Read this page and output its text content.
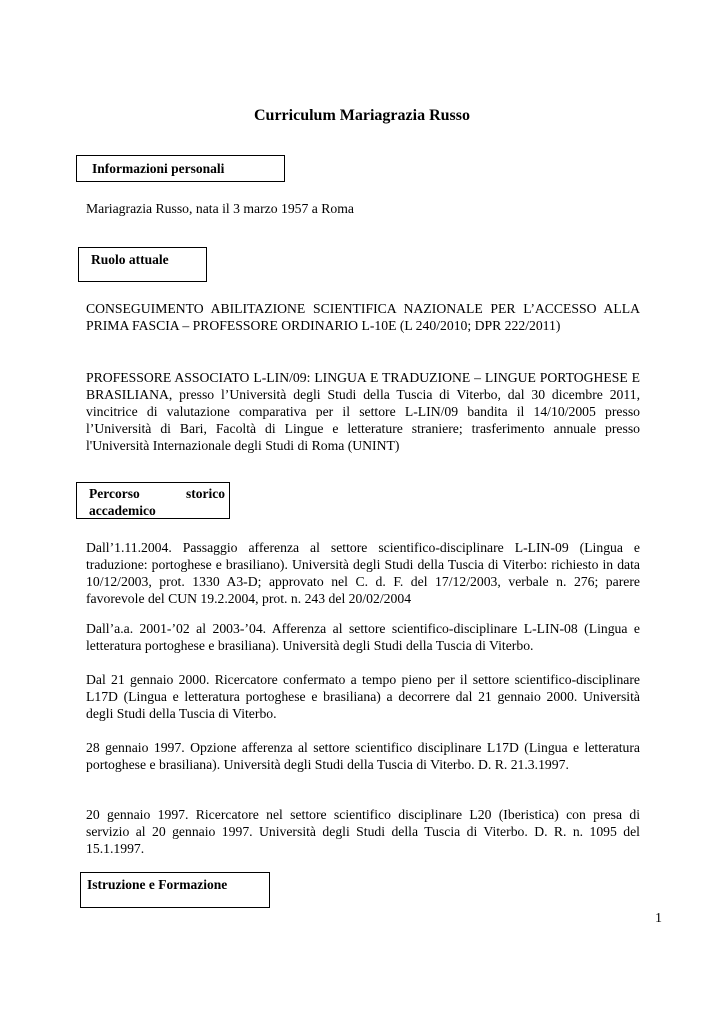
Curriculum Mariagrazia Russo
Informazioni personali
Mariagrazia Russo, nata il 3 marzo 1957 a Roma
Ruolo attuale
CONSEGUIMENTO ABILITAZIONE SCIENTIFICA NAZIONALE PER L’ACCESSO ALLA PRIMA FASCIA – PROFESSORE ORDINARIO L-10E (L 240/2010; DPR 222/2011)
PROFESSORE ASSOCIATO L-LIN/09: LINGUA E TRADUZIONE – LINGUE PORTOGHESE E BRASILIANA, presso l’Università degli Studi della Tuscia di Viterbo, dal 30 dicembre 2011, vincitrice di valutazione comparativa per il settore L-LIN/09 bandita il 14/10/2005 presso l’Università di Bari, Facoltà di Lingue e letterature straniere; trasferimento annuale presso l'Università Internazionale degli Studi di Roma (UNINT)
Percorso storico accademico
Dall’1.11.2004. Passaggio afferenza al settore scientifico-disciplinare L-LIN-09 (Lingua e traduzione: portoghese e brasiliano). Università degli Studi della Tuscia di Viterbo: richiesto in data 10/12/2003, prot. 1330 A3-D; approvato nel C. d. F. del 17/12/2003, verbale n. 276; parere favorevole del CUN 19.2.2004, prot. n. 243 del 20/02/2004
Dall’a.a. 2001-’02 al 2003-’04. Afferenza al settore scientifico-disciplinare L-LIN-08 (Lingua e letteratura portoghese e brasiliana). Università degli Studi della Tuscia di Viterbo.
Dal 21 gennaio 2000. Ricercatore confermato a tempo pieno per il settore scientifico-disciplinare L17D (Lingua e letteratura portoghese e brasiliana) a decorrere dal 21 gennaio 2000. Università degli Studi della Tuscia di Viterbo.
28 gennaio 1997. Opzione afferenza al settore scientifico disciplinare L17D (Lingua e letteratura portoghese e brasiliana). Università degli Studi della Tuscia di Viterbo. D. R. 21.3.1997.
20 gennaio 1997. Ricercatore nel settore scientifico disciplinare L20 (Iberistica) con presa di servizio al 20 gennaio 1997. Università degli Studi della Tuscia di Viterbo. D. R. n. 1095 del 15.1.1997.
Istruzione e Formazione
1
